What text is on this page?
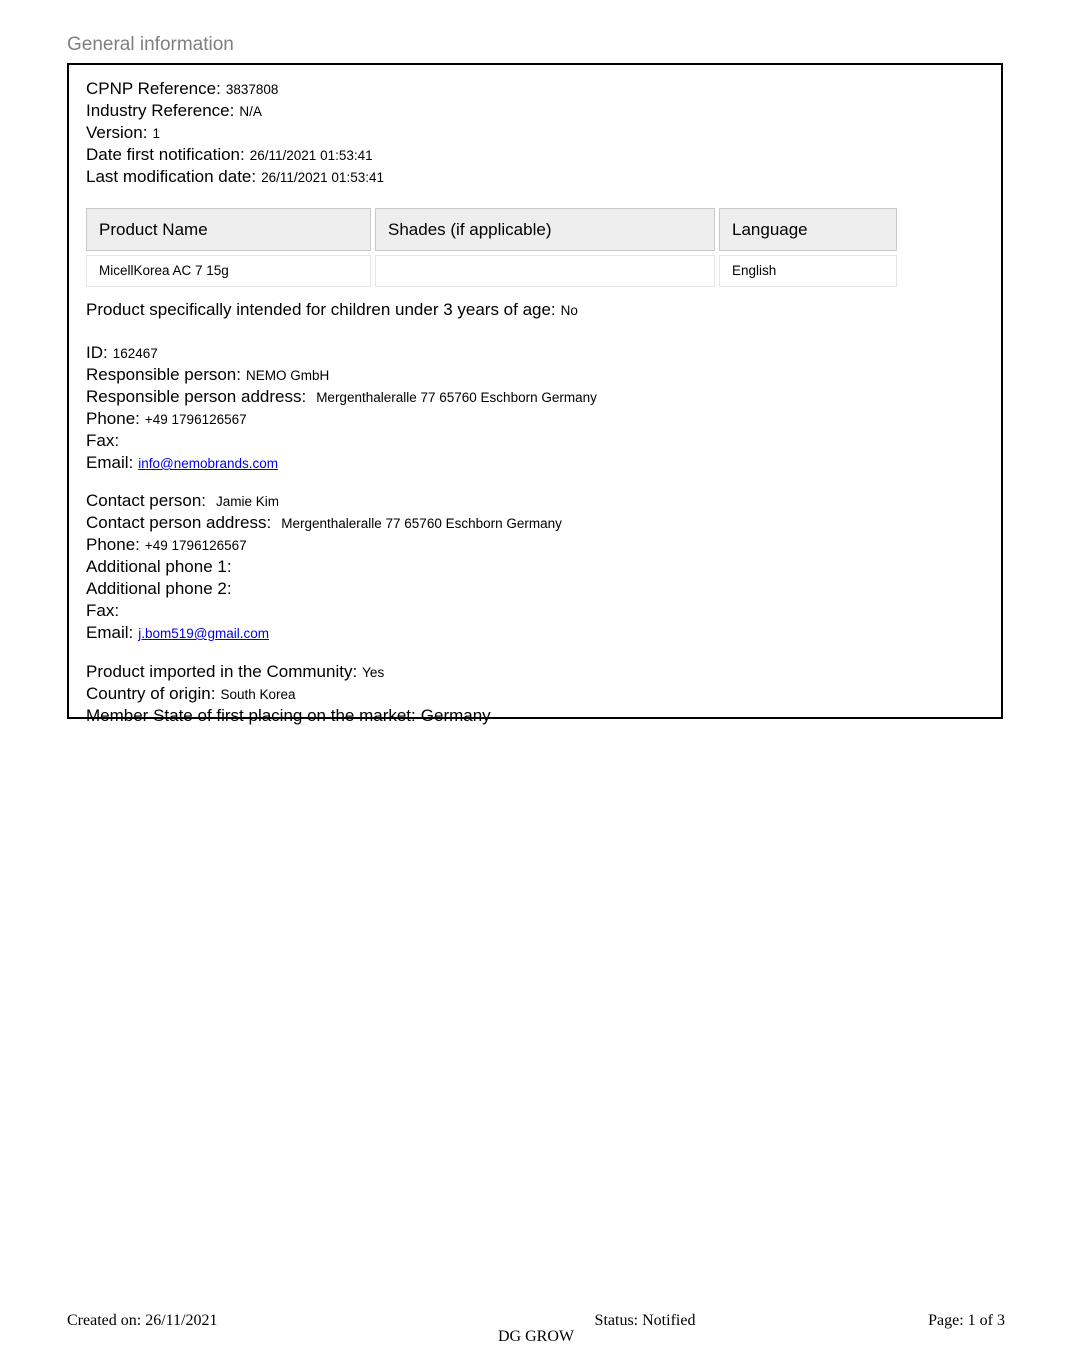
General information
CPNP Reference: 3837808
Industry Reference: N/A
Version: 1
Date first notification: 26/11/2021 01:53:41
Last modification date: 26/11/2021 01:53:41
Product Name	Shades (if applicable)	Language
MicellKorea AC 7 15g		English
Product specifically intended for children under 3 years of age: No
ID: 162467
Responsible person: NEMO GmbH
Responsible person address: Mergenthaleralle 77 65760 Eschborn Germany
Phone: +49 1796126567
Fax:
Email: info@nemobrands.com
Contact person: Jamie Kim
Contact person address: Mergenthaleralle 77 65760 Eschborn Germany
Phone: +49 1796126567
Additional phone 1:
Additional phone 2:
Fax:
Email: j.bom519@gmail.com
Product imported in the Community: Yes
Country of origin: South Korea
Member State of first placing on the market: Germany
Created on: 26/11/2021	Status: Notified	Page: 1 of 3
DG GROW
